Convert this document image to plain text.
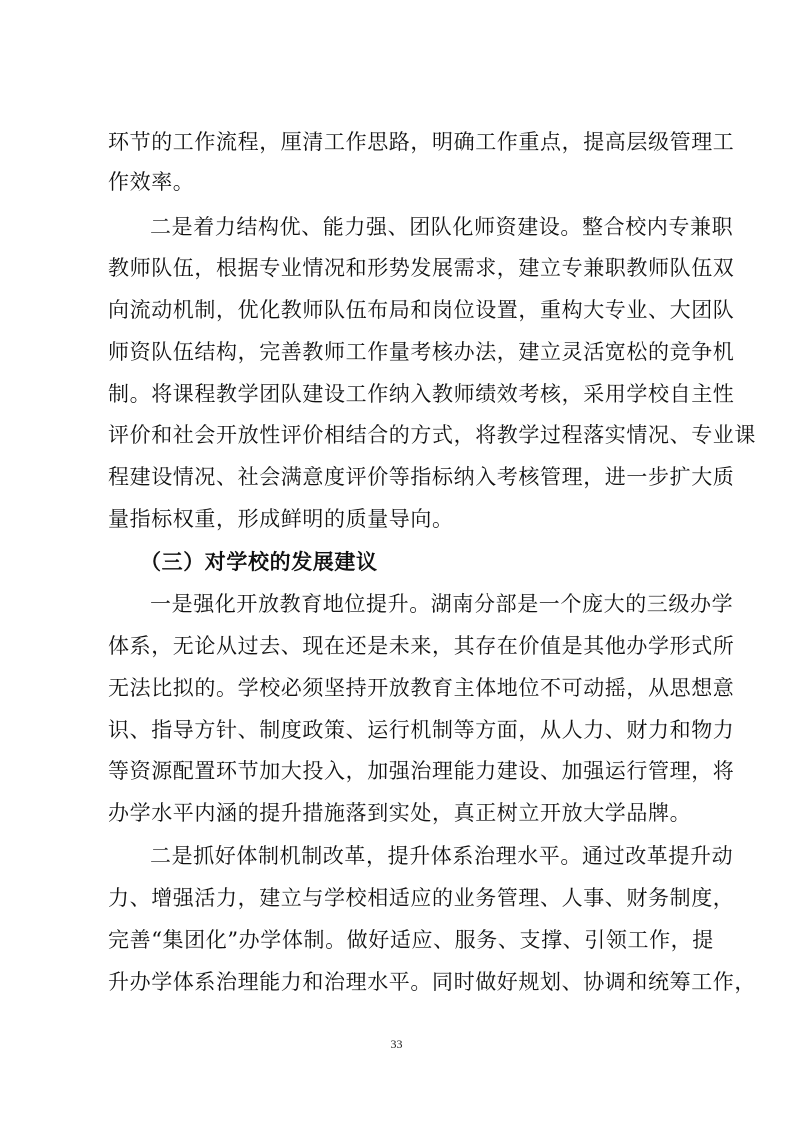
环节的工作流程，厘清工作思路，明确工作重点，提高层级管理工
作效率。
二是着力结构优、能力强、团队化师资建设。整合校内专兼职
教师队伍，根据专业情况和形势发展需求，建立专兼职教师队伍双
向流动机制，优化教师队伍布局和岗位设置，重构大专业、大团队
师资队伍结构，完善教师工作量考核办法，建立灵活宽松的竞争机
制。将课程教学团队建设工作纳入教师绩效考核，采用学校自主性
评价和社会开放性评价相结合的方式，将教学过程落实情况、专业课
程建设情况、社会满意度评价等指标纳入考核管理，进一步扩大质
量指标权重，形成鲜明的质量导向。
（三）对学校的发展建议
一是强化开放教育地位提升。湖南分部是一个庞大的三级办学
体系，无论从过去、现在还是未来，其存在价值是其他办学形式所
无法比拟的。学校必须坚持开放教育主体地位不可动摇，从思想意
识、指导方针、制度政策、运行机制等方面，从人力、财力和物力
等资源配置环节加大投入，加强治理能力建设、加强运行管理，将
办学水平内涵的提升措施落到实处，真正树立开放大学品牌。
二是抓好体制机制改革，提升体系治理水平。通过改革提升动
力、增强活力，建立与学校相适应的业务管理、人事、财务制度，
完善“集团化”办学体制。做好适应、服务、支撑、引领工作，提
升办学体系治理能力和治理水平。同时做好规划、协调和统筹工作，
33
